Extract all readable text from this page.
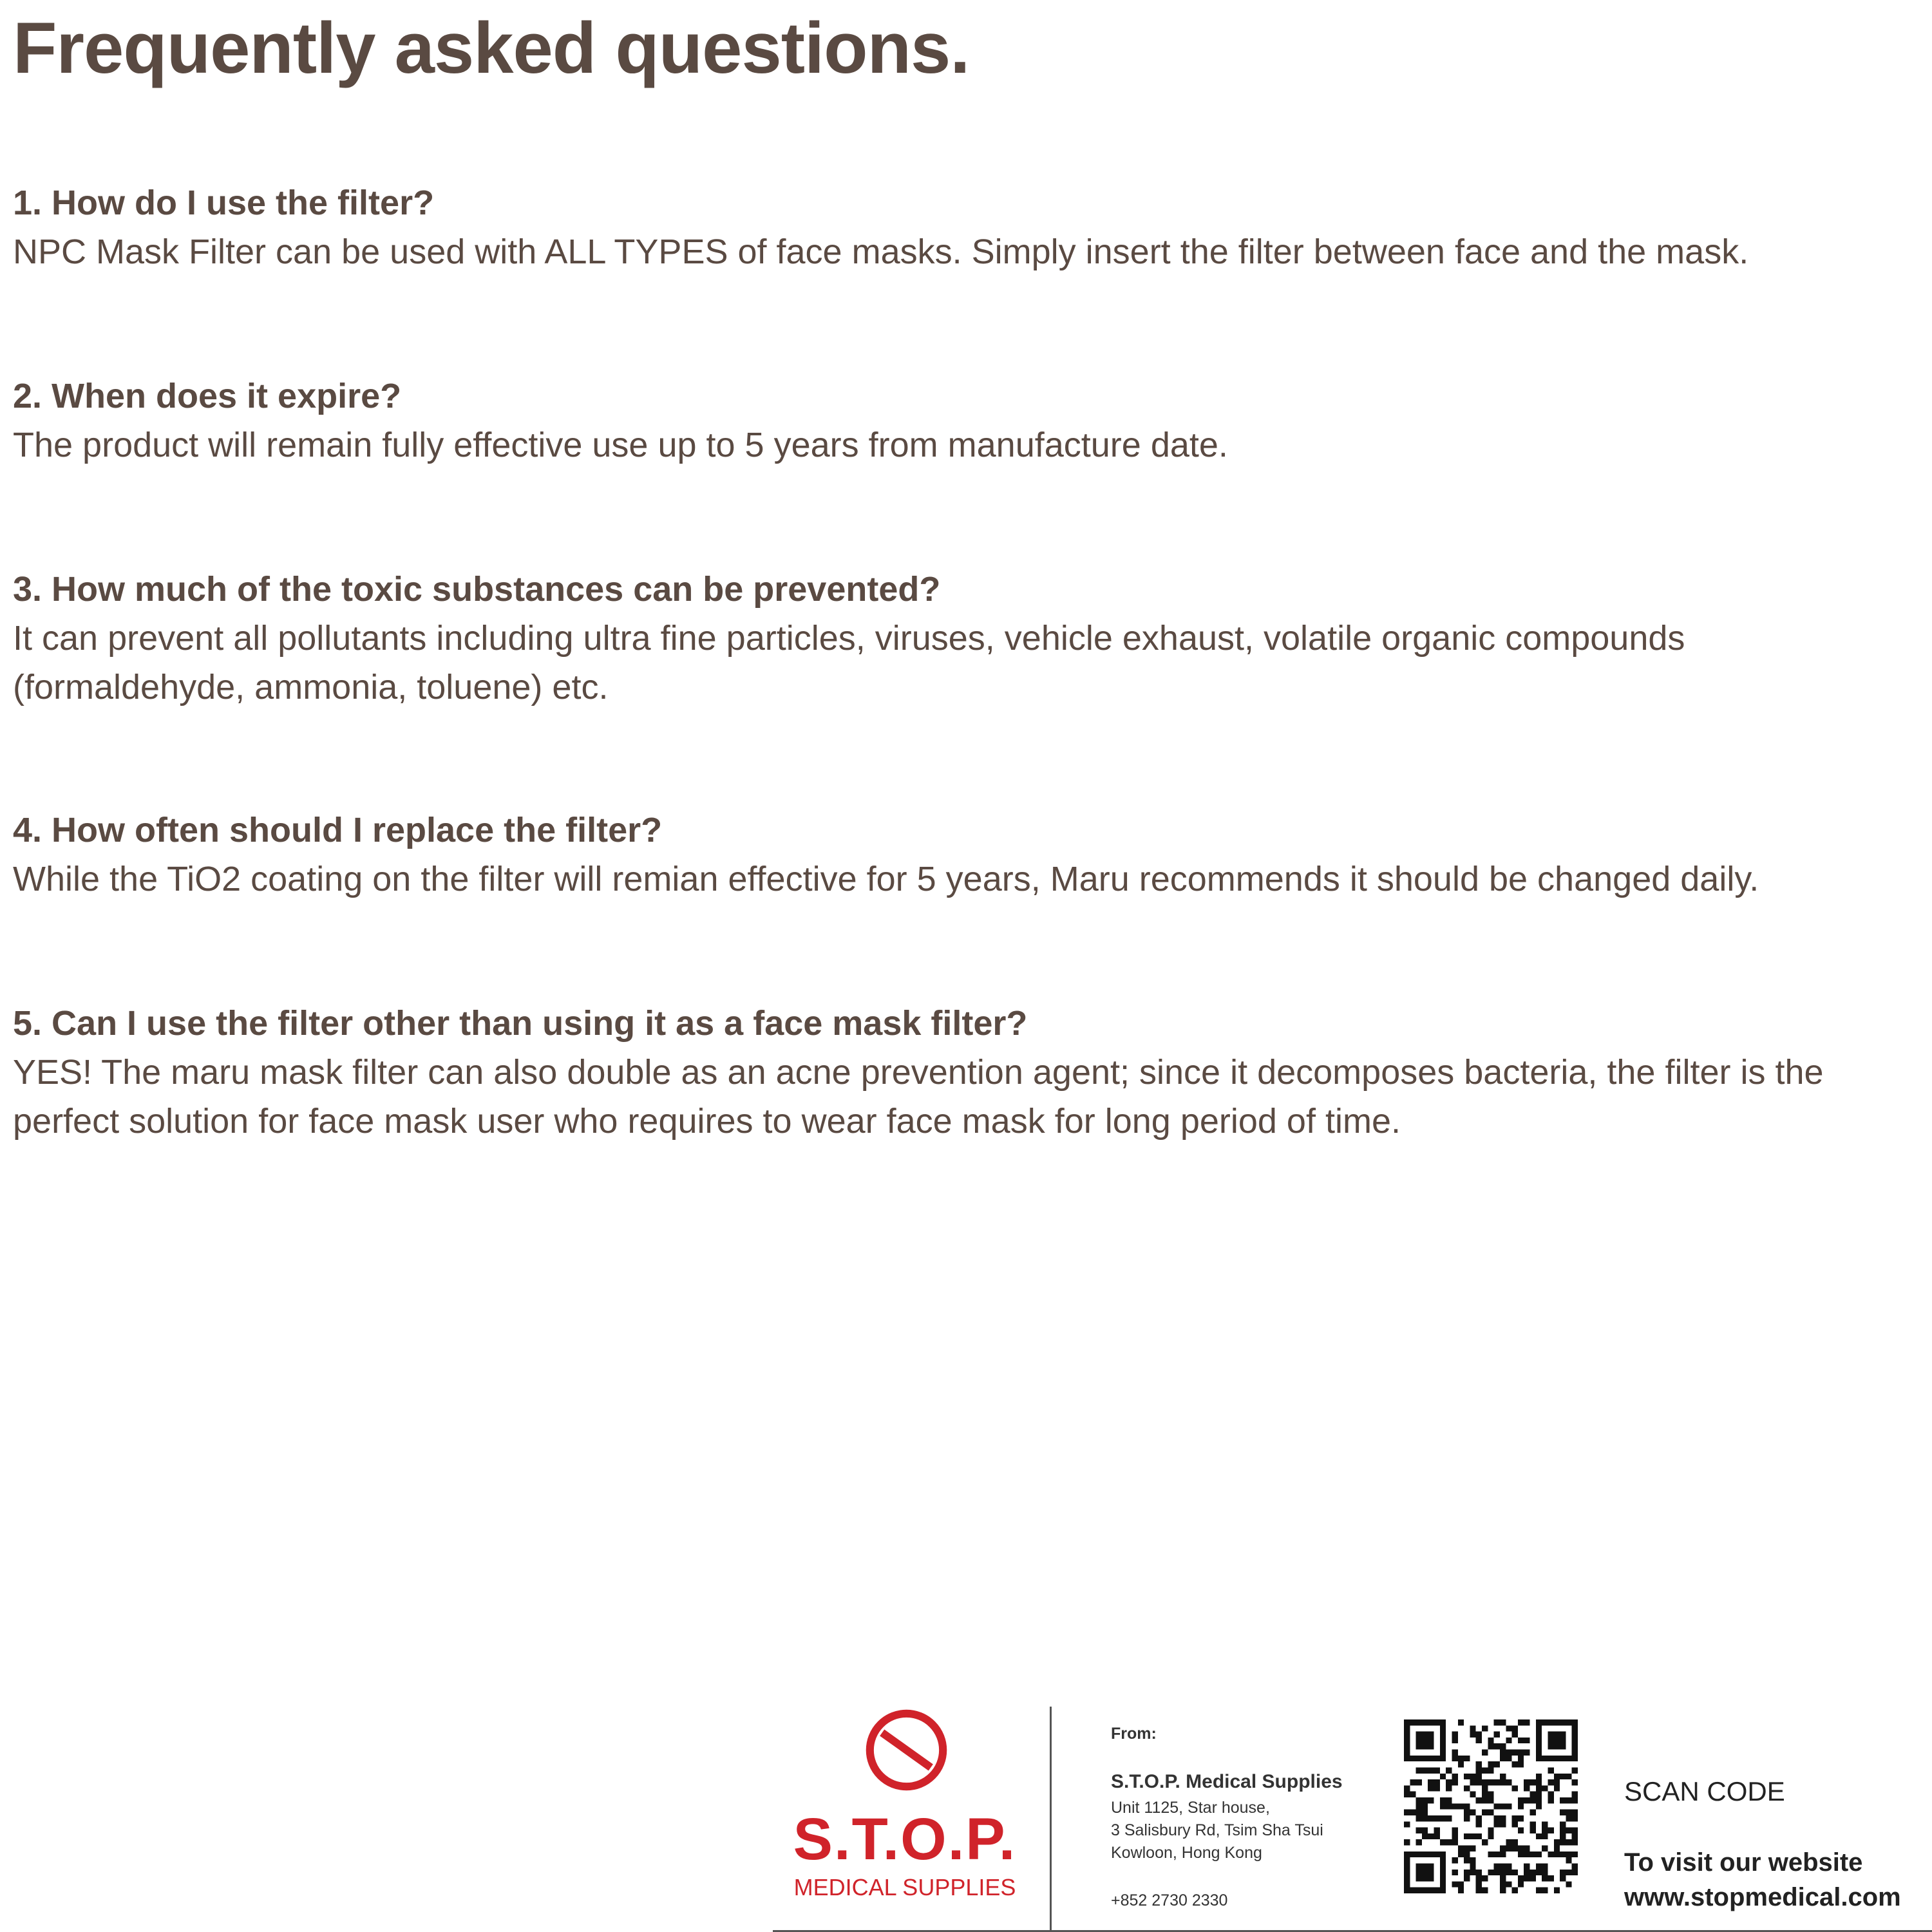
Frequently asked questions.

1. How do I use the filter?

NPC Mask Filter can be used with ALL TYPES of face masks. Simply insert the filter between face and the mask.

2. When does it expire?

The product will remain fully effective use up to 5 years from manufacture date.

3. How much of the toxic substances can be prevented?

It can prevent all pollutants including ultra fine particles, viruses, vehicle exhaust, volatile organic compounds (formaldehyde, ammonia, toluene) etc.

4. How often should I replace the filter?

While the TiO2 coating on the filter will remian effective for 5 years, Maru recommends it should be changed daily.

5. Can I use the filter other than using it as a face mask filter?

YES! The maru mask filter can also double as an acne prevention agent; since it decomposes bacteria, the filter is the perfect solution for face mask user who requires to wear face mask for long period of time.

S.T.O.P.
MEDICAL SUPPLIES
From:
S.T.O.P. Medical Supplies
Unit 1125, Star house,
3 Salisbury Rd, Tsim Sha Tsui
Kowloon, Hong Kong
+852 2730 2330
SCAN CODE
To visit our website
www.stopmedical.com
